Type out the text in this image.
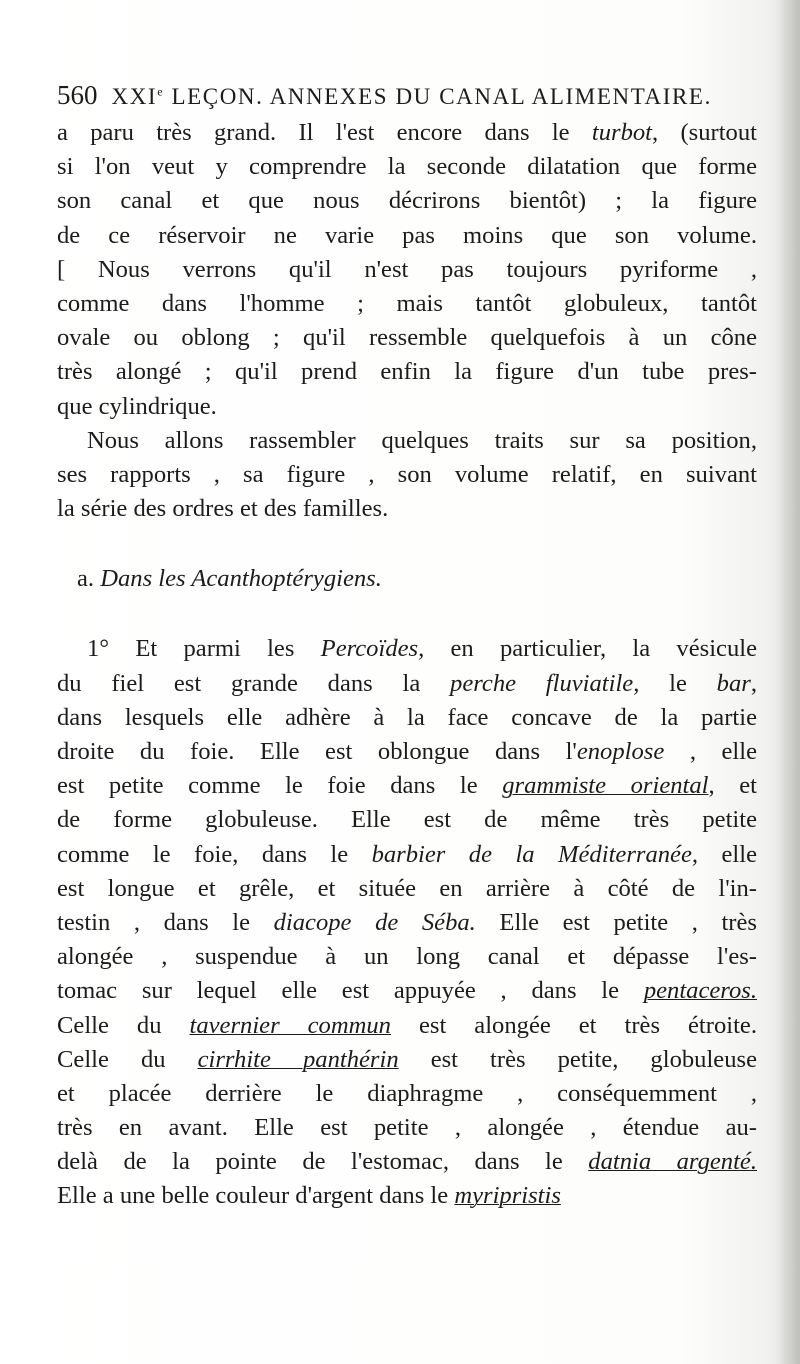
560 XXIe LEÇON. ANNEXES DU CANAL ALIMENTAIRE.
a paru très grand. Il l'est encore dans le turbot, (surtout
si l'on veut y comprendre la seconde dilatation que forme
son canal et que nous décrirons bientôt) ; la figure
de ce réservoir ne varie pas moins que son volume.
[ Nous verrons qu'il n'est pas toujours pyriforme ,
comme dans l'homme ; mais tantôt globuleux, tantôt
ovale ou oblong ; qu'il ressemble quelquefois à un cône
très alongé ; qu'il prend enfin la figure d'un tube pres-
que cylindrique.
Nous allons rassembler quelques traits sur sa position,
ses rapports , sa figure , son volume relatif, en suivant
la série des ordres et des familles.
a. Dans les Acanthoptérygiens.
1° Et parmi les Percoïdes, en particulier, la vésicule
du fiel est grande dans la perche fluviatile, le bar,
dans lesquels elle adhère à la face concave de la partie
droite du foie. Elle est oblongue dans l'enoplose , elle
est petite comme le foie dans le grammiste oriental, et
de forme globuleuse. Elle est de même très petite
comme le foie, dans le barbier de la Méditerranée, elle
est longue et grêle, et située en arrière à côté de l'in-
testin , dans le diacope de Séba. Elle est petite , très
alongée , suspendue à un long canal et dépasse l'es-
tomac sur lequel elle est appuyée , dans le pentaceros.
Celle du tavernier commun est alongée et très étroite.
Celle du cirrhite panthérin est très petite, globuleuse
et placée derrière le diaphragme , conséquemment ,
très en avant. Elle est petite , alongée , étendue au-
delà de la pointe de l'estomac, dans le datnia argenté.
Elle a une belle couleur d'argent dans le myripristis
